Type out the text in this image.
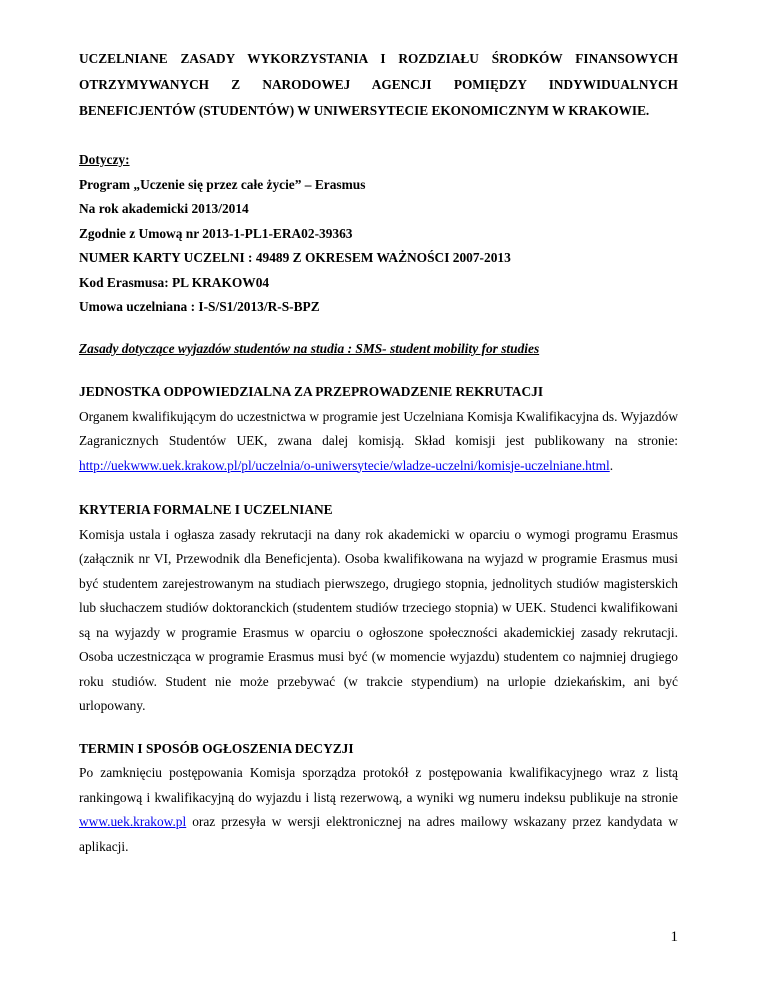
UCZELNIANE ZASADY WYKORZYSTANIA I ROZDZIAŁU ŚRODKÓW FINANSOWYCH OTRZYMYWANYCH Z NARODOWEJ AGENCJI POMIĘDZY INDYWIDUALNYCH BENEFICJENTÓW (STUDENTÓW) W UNIWERSYTECIE EKONOMICZNYM W KRAKOWIE.

Dotyczy:

Program „Uczenie się przez całe życie” – Erasmus

Na rok akademicki 2013/2014

Zgodnie z Umową nr 2013-1-PL1-ERA02-39363

NUMER KARTY UCZELNI : 49489 Z OKRESEM WAŻNOŚCI 2007-2013

Kod Erasmusa: PL KRAKOW04

Umowa uczelniana : I-S/S1/2013/R-S-BPZ

Zasady dotyczące wyjazdów studentów na studia : SMS- student mobility for studies

JEDNOSTKA ODPOWIEDZIALNA ZA PRZEPROWADZENIE REKRUTACJI

Organem kwalifikującym do uczestnictwa w programie jest Uczelniana Komisja Kwalifikacyjna ds. Wyjazdów Zagranicznych Studentów UEK, zwana dalej komisją. Skład komisji jest publikowany na stronie: http://uekwww.uek.krakow.pl/pl/uczelnia/o-uniwersytecie/wladze-uczelni/komisje-uczelniane.html.

KRYTERIA FORMALNE I UCZELNIANE

Komisja ustala i ogłasza zasady rekrutacji na dany rok akademicki w oparciu o wymogi programu Erasmus (załącznik nr VI, Przewodnik dla Beneficjenta). Osoba kwalifikowana na wyjazd w programie Erasmus musi być studentem zarejestrowanym na studiach pierwszego, drugiego stopnia, jednolitych studiów magisterskich lub słuchaczem studiów doktoranckich (studentem studiów trzeciego stopnia) w UEK. Studenci kwalifikowani są na wyjazdy w programie Erasmus w oparciu o ogłoszone społeczności akademickiej zasady rekrutacji. Osoba uczestnicząca w programie Erasmus musi być (w momencie wyjazdu) studentem co najmniej drugiego roku studiów. Student nie może przebywać (w trakcie stypendium) na urlopie dziekańskim, ani być urlopowany.

TERMIN I SPOSÓB OGŁOSZENIA DECYZJI

Po zamknięciu postępowania Komisja sporządza protokół z postępowania kwalifikacyjnego wraz z listą rankingową i kwalifikacyjną do wyjazdu i listą rezerwową, a wyniki wg numeru indeksu publikuje na stronie www.uek.krakow.pl oraz przesyła w wersji elektronicznej na adres mailowy wskazany przez kandydata w aplikacji.

1
